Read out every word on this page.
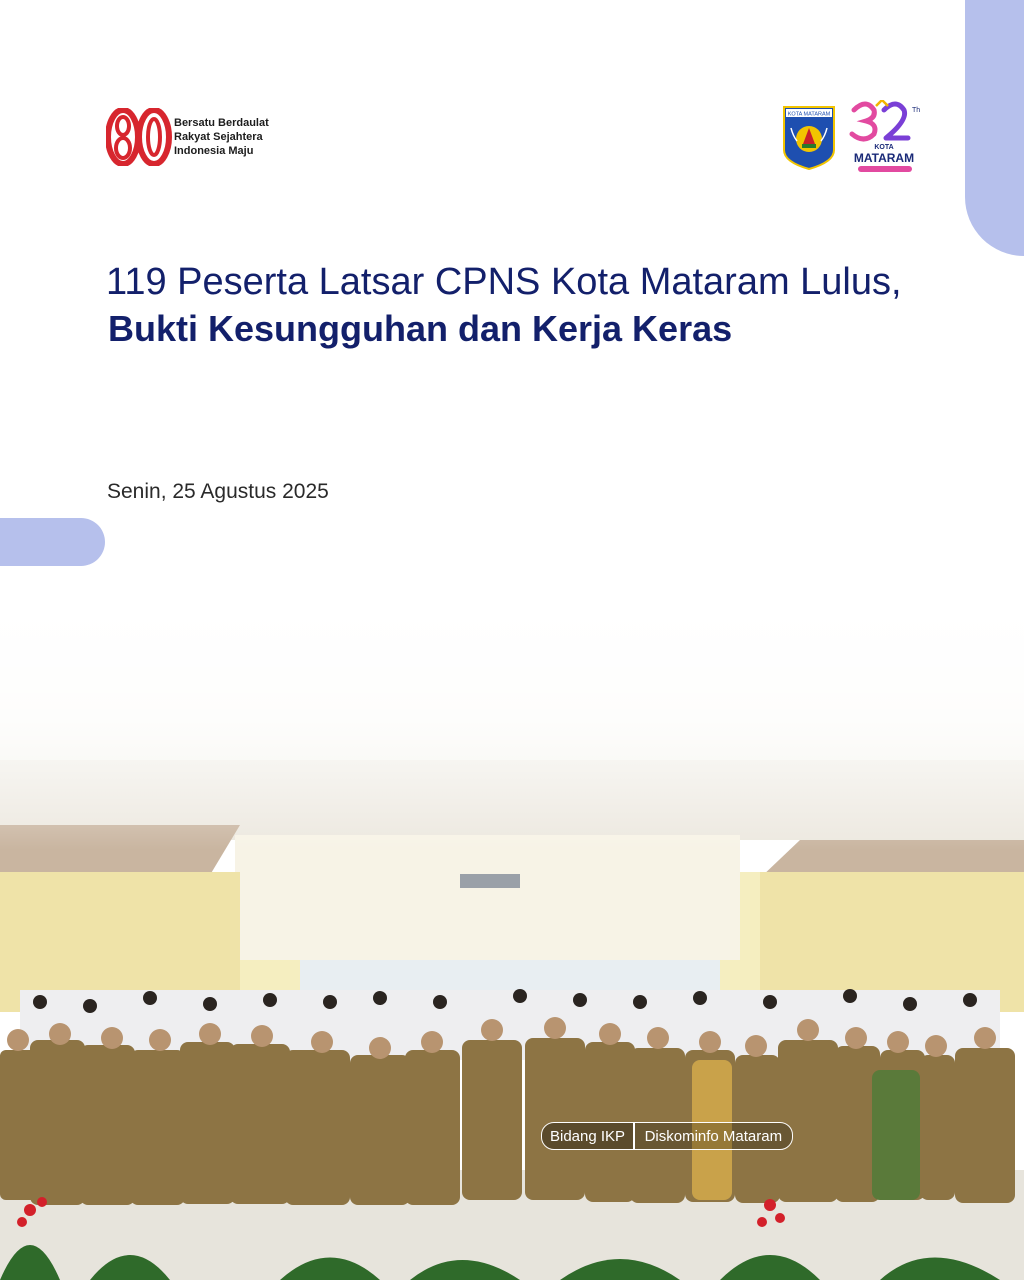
Bersatu Berdaulat
Rakyat Sejahtera
Indonesia Maju
KOTA MATARAM
Th
KOTA
MATARAM
119 Peserta Latsar CPNS Kota Mataram Lulus,
Bukti Kesungguhan dan Kerja Keras
Senin, 25 Agustus 2025
Bidang IKP	Diskominfo Mataram
